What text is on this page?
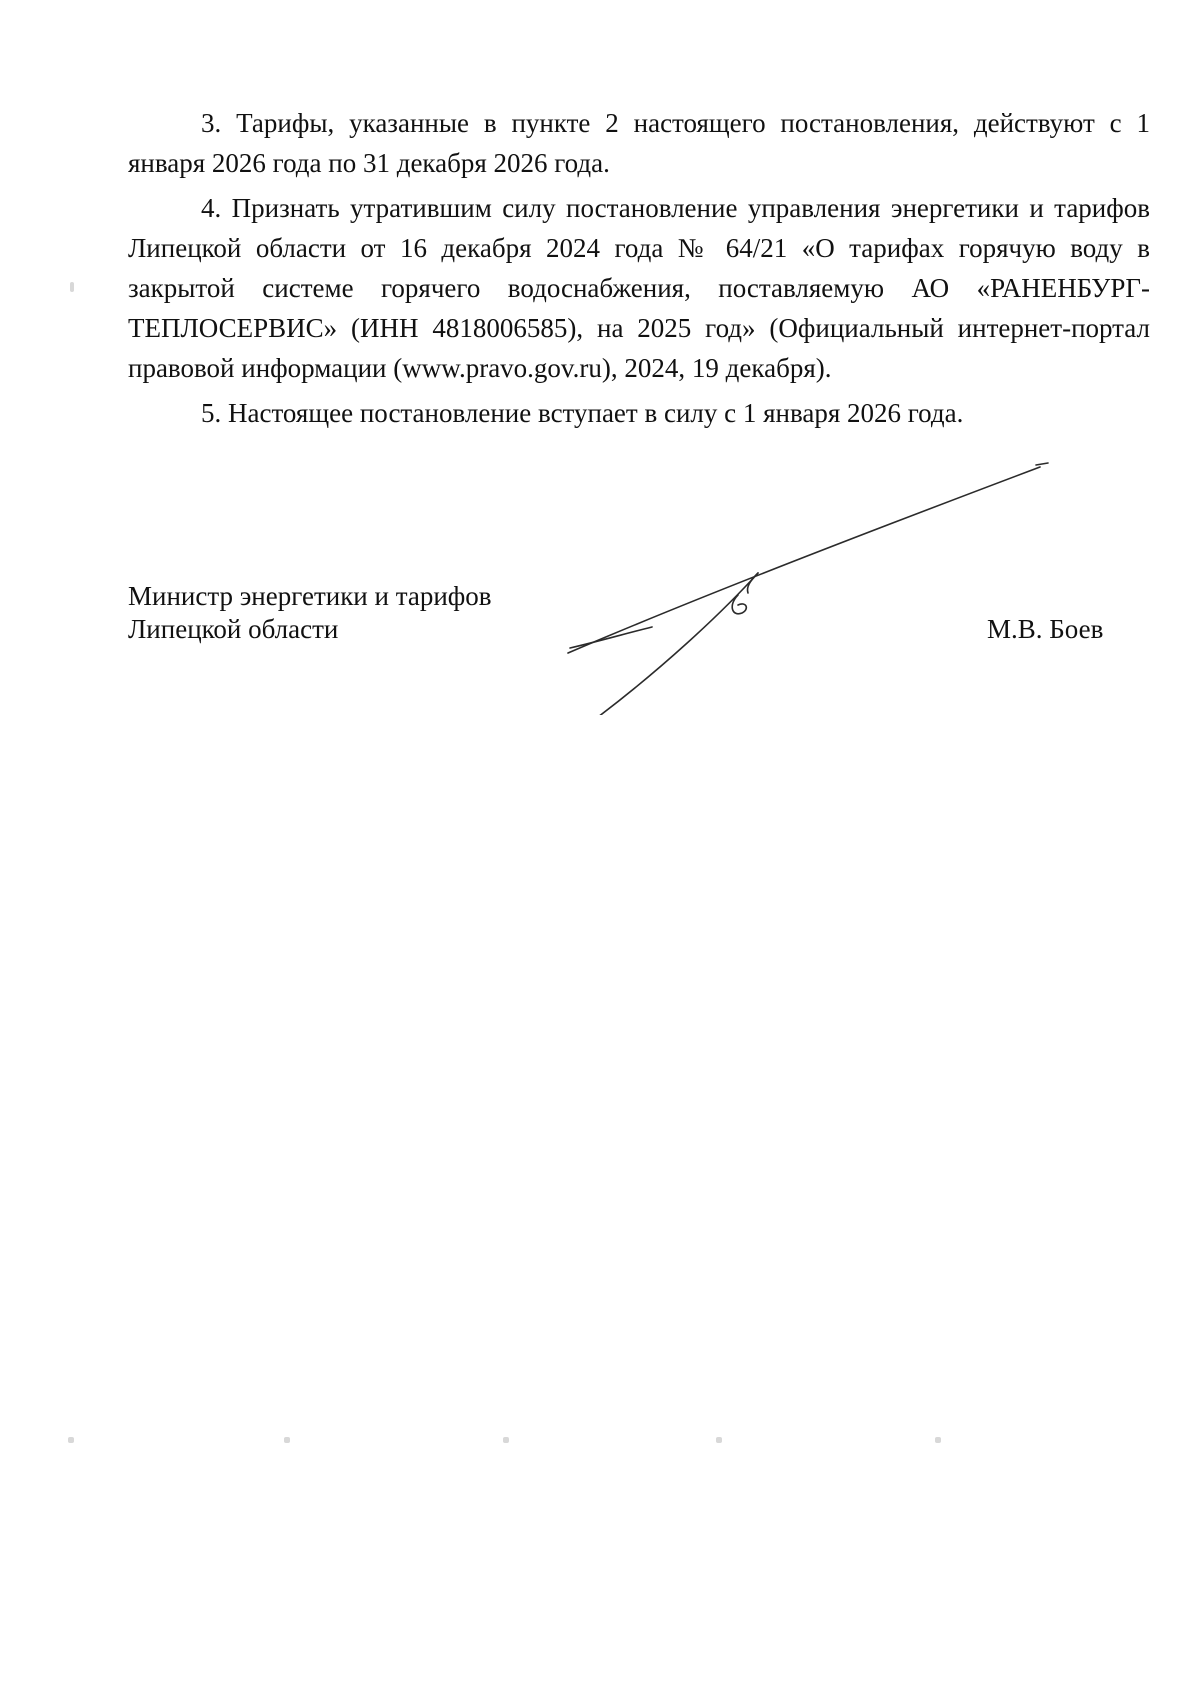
3. Тарифы, указанные в пункте 2 настоящего постановления, действуют с 1 января 2026 года по 31 декабря 2026 года.

4. Признать утратившим силу постановление управления энергетики и тарифов Липецкой области от 16 декабря 2024 года № 64/21 «О тарифах горячую воду в закрытой системе горячего водоснабжения, поставляемую АО «РАНЕНБУРГ-ТЕПЛОСЕРВИС» (ИНН 4818006585), на 2025 год» (Официальный интернет-портал правовой информации (www.pravo.gov.ru), 2024, 19 декабря).

5. Настоящее постановление вступает в силу с 1 января 2026 года.

Министр энергетики и тарифов
Липецкой области	М.В. Боев
